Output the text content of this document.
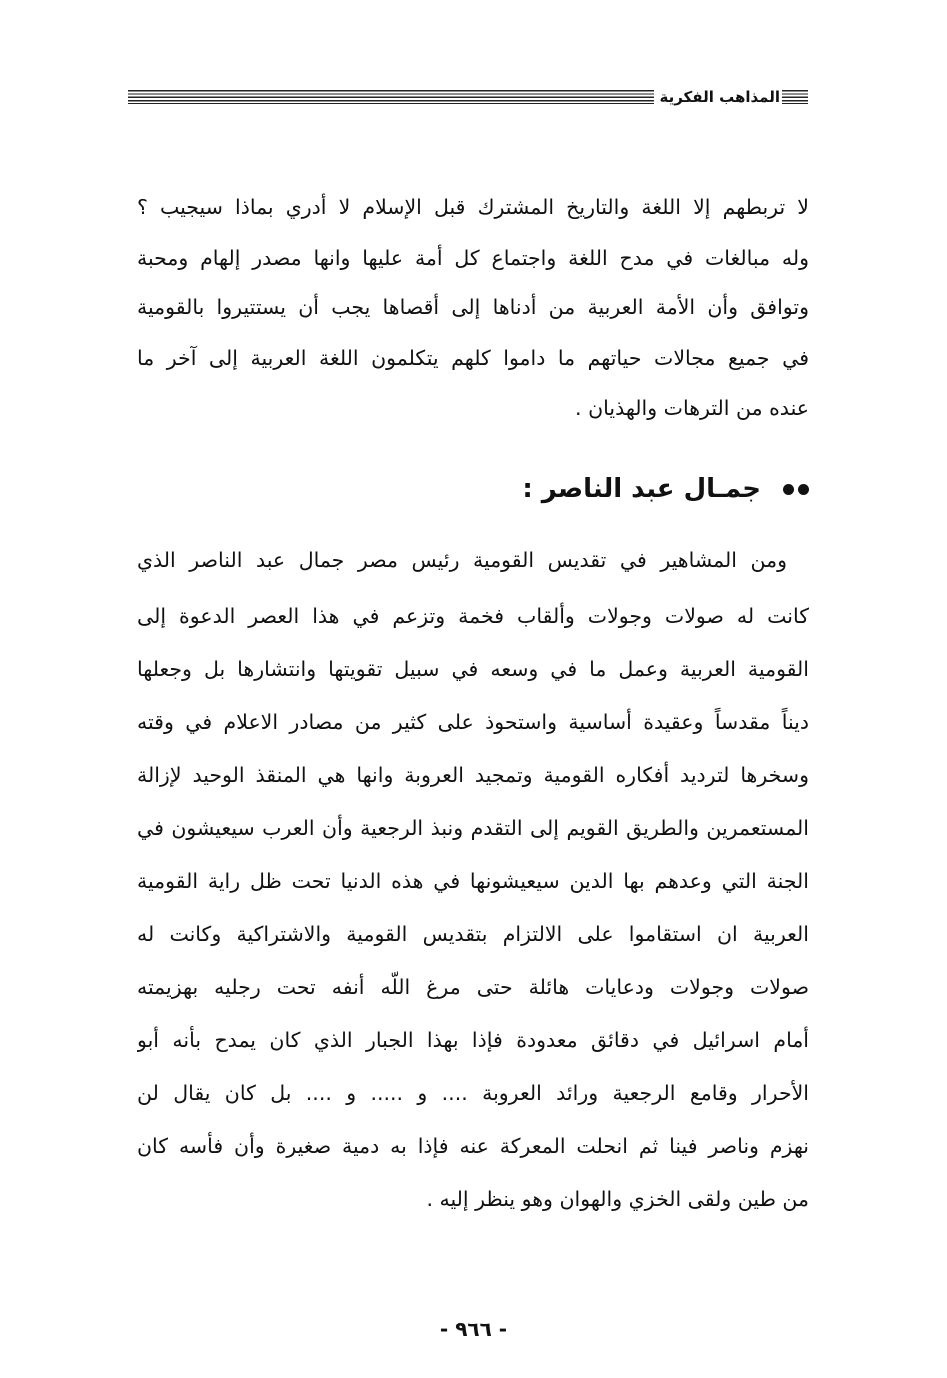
المذاهب الفكرية
لا تربطهم إلا اللغة والتاريخ المشترك قبل الإسلام لا أدري بماذا سيجيب ؟
وله مبالغات في مدح اللغة واجتماع كل أمة عليها وانها مصدر إلهام ومحبة
وتوافق وأن الأمة العربية من أدناها إلى أقصاها يجب أن يستتيروا بالقومية
في جميع مجالات حياتهم ما داموا كلهم يتكلمون اللغة العربية إلى آخر ما
عنده من الترهات والهذيان .
جمـال عبد الناصر :
ومن المشاهير في تقديس القومية رئيس مصر جمال عبد الناصر الذي
كانت له صولات وجولات وألقاب فخمة وتزعم في هذا العصر الدعوة إلى
القومية العربية وعمل ما في وسعه في سبيل تقويتها وانتشارها بل وجعلها
ديناً مقدساً وعقيدة أساسية واستحوذ على كثير من مصادر الاعلام في وقته
وسخرها لترديد أفكاره القومية وتمجيد العروبة وانها هي المنقذ الوحيد لإزالة
المستعمرين والطريق القويم إلى التقدم ونبذ الرجعية وأن العرب سيعيشون في
الجنة التي وعدهم بها الدين سيعيشونها في هذه الدنيا تحت ظل راية القومية
العربية ان استقاموا على الالتزام بتقديس القومية والاشتراكية وكانت له
صولات وجولات ودعايات هائلة حتى مرغ اللّه أنفه تحت رجليه بهزيمته
أمام اسرائيل في دقائق معدودة فإذا بهذا الجبار الذي كان يمدح بأنه أبو
الأحرار وقامع الرجعية ورائد العروبة .... و ..... و .... بل كان يقال لن
نهزم وناصر فينا ثم انحلت المعركة عنه فإذا به دمية صغيرة وأن فأسه كان
من طين ولقى الخزي والهوان وهو ينظر إليه .
- ٩٦٦ -
